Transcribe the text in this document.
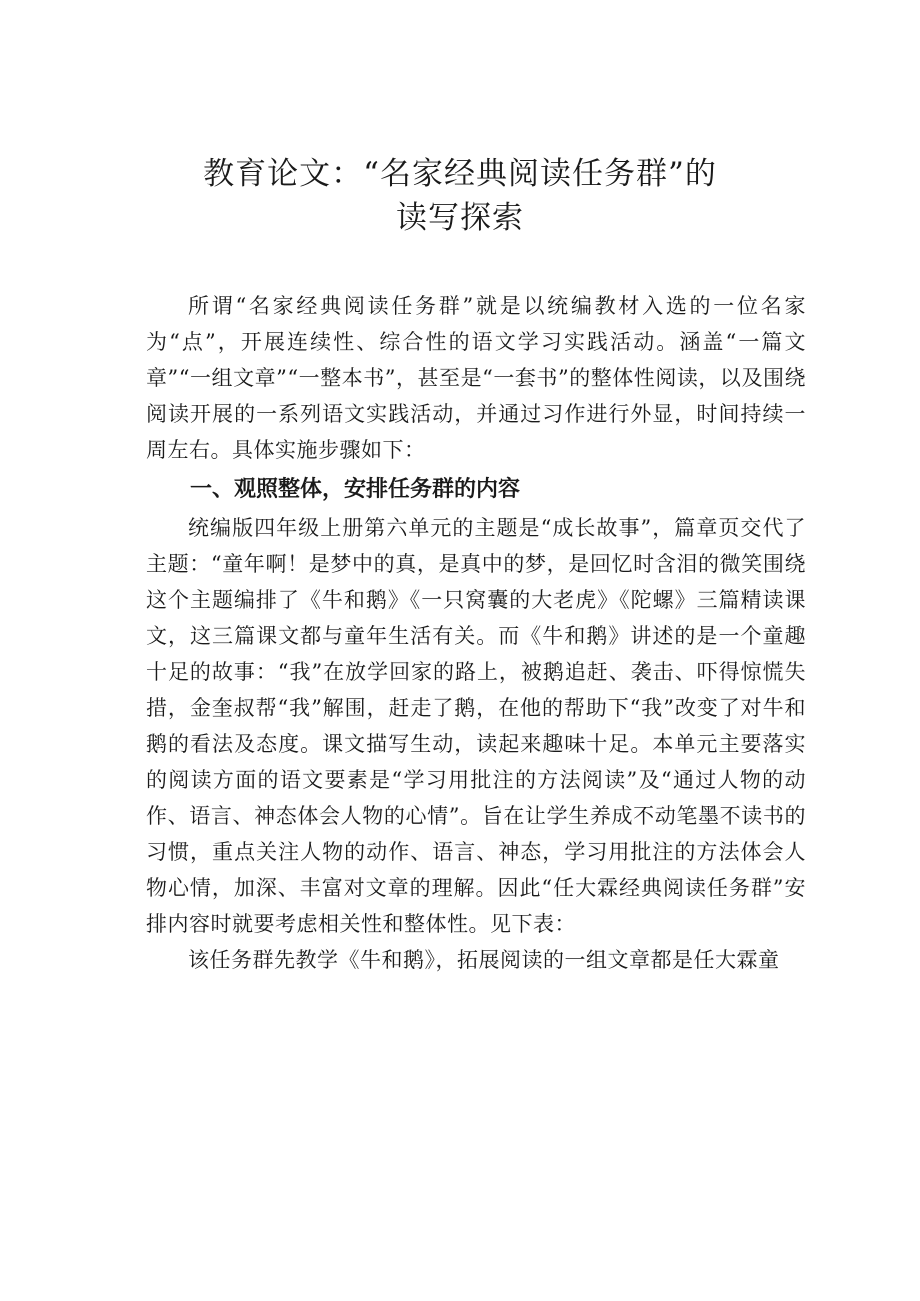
教育论文：“名家经典阅读任务群”的
读写探索

所谓“名家经典阅读任务群”就是以统编教材入选的一位名家为“点”，开展连续性、综合性的语文学习实践活动。涵盖“一篇文章”“一组文章”“一整本书”，甚至是“一套书”的整体性阅读，以及围绕阅读开展的一系列语文实践活动，并通过习作进行外显，时间持续一周左右。具体实施步骤如下：

一、观照整体，安排任务群的内容

统编版四年级上册第六单元的主题是“成长故事”，篇章页交代了主题：“童年啊！是梦中的真，是真中的梦，是回忆时含泪的微笑围绕这个主题编排了《牛和鹅》《一只窝囊的大老虎》《陀螺》三篇精读课文，这三篇课文都与童年生活有关。而《牛和鹅》讲述的是一个童趣十足的故事：“我”在放学回家的路上，被鹅追赶、袭击、吓得惊慌失措，金奎叔帮“我”解围，赶走了鹅，在他的帮助下“我”改变了对牛和鹅的看法及态度。课文描写生动，读起来趣味十足。本单元主要落实的阅读方面的语文要素是“学习用批注的方法阅读”及“通过人物的动作、语言、神态体会人物的心情”。旨在让学生养成不动笔墨不读书的习惯，重点关注人物的动作、语言、神态，学习用批注的方法体会人物心情，加深、丰富对文章的理解。因此“任大霖经典阅读任务群”安排内容时就要考虑相关性和整体性。见下表：

该任务群先教学《牛和鹅》，拓展阅读的一组文章都是任大霖童
